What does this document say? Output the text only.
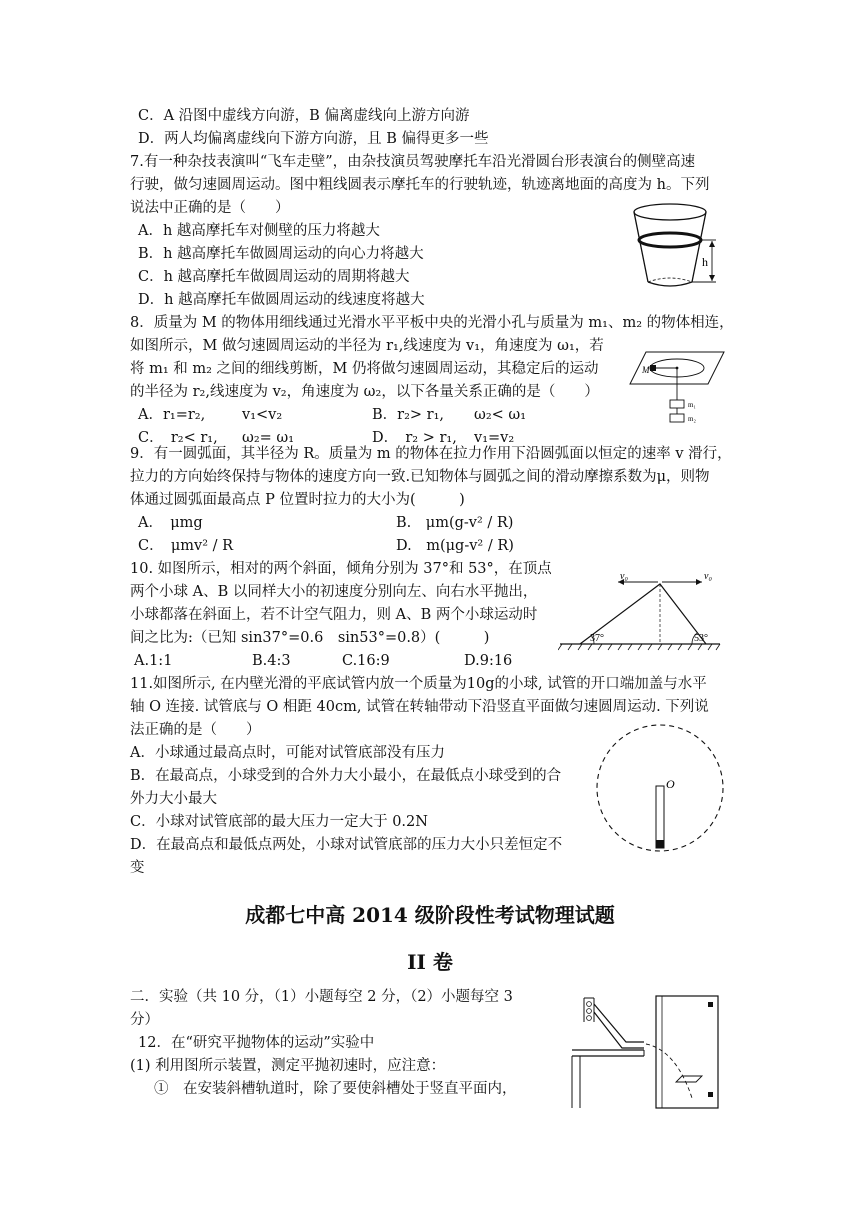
C．A 沿图中虚线方向游，B 偏离虚线向上游方向游
D．两人均偏离虚线向下游方向游，且 B 偏得更多一些
7.有一种杂技表演叫“飞车走壁”，由杂技演员驾驶摩托车沿光滑圆台形表演台的侧壁高速
行驶，做匀速圆周运动。图中粗线圆表示摩托车的行驶轨迹，轨迹离地面的高度为 h。下列
说法中正确的是（　　）
A．h 越高摩托车对侧壁的压力将越大
B．h 越高摩托车做圆周运动的向心力将越大
C．h 越高摩托车做圆周运动的周期将越大
D．h 越高摩托车做圆周运动的线速度将越大
h
8．质量为 M 的物体用细线通过光滑水平平板中央的光滑小孔与质量为 m₁、m₂ 的物体相连，
如图所示，M 做匀速圆周运动的半径为 r₁,线速度为 v₁，角速度为 ω₁，若
将 m₁ 和 m₂ 之间的细线剪断，M 仍将做匀速圆周运动，其稳定后的运动
的半径为 r₂,线速度为 v₂，角速度为 ω₂，以下各量关系正确的是（　　）
A．r₁=r₂,	v₁<v₂	B．r₂> r₁, ω₂< ω₁
C．　r₂< r₁, ω₂= ω₁	D．　r₂ > r₁, v₁=v₂
M
m₁
m₂
9．有一圆弧面，其半径为 R。质量为 m 的物体在拉力作用下沿圆弧面以恒定的速率 v 滑行，
拉力的方向始终保持与物体的速度方向一致.已知物体与圆弧之间的滑动摩擦系数为μ，则物
体通过圆弧面最高点 P 位置时拉力的大小为(　　　)
A．　μmg	B.　μm(g-v² / R)
C．　μmv² / R	D.　m(μg-v² / R)
10. 如图所示，相对的两个斜面，倾角分别为 37°和 53°，在顶点
两个小球 A、B 以同样大小的初速度分别向左、向右水平抛出，
小球都落在斜面上，若不计空气阻力，则 A、B 两个小球运动时
间之比为:（已知 sin37°=0.6　sin53°=0.8）(　　　)
A.1:1	B.4:3	C.16:9	D.9:16
v₀	v₀
37°	53°
11.如图所示, 在内壁光滑的平底试管内放一个质量为10g的小球, 试管的开口端加盖与水平
轴 O 连接. 试管底与 O 相距 40cm, 试管在转轴带动下沿竖直平面做匀速圆周运动. 下列说
法正确的是（　　）
A．小球通过最高点时，可能对试管底部没有压力
B．在最高点，小球受到的合外力大小最小，在最低点小球受到的合
外力大小最大
C．小球对试管底部的最大压力一定大于 0.2N
D．在最高点和最低点两处，小球对试管底部的压力大小只差恒定不
变
O
成都七中高 2014 级阶段性考试物理试题
II 卷
二．实验（共 10 分，（1）小题每空 2 分，（2）小题每空 3
分）
12．在“研究平抛物体的运动”实验中
(1) 利用图所示装置，测定平抛初速时，应注意：
①　在安装斜槽轨道时，除了要使斜槽处于竖直平面内，
